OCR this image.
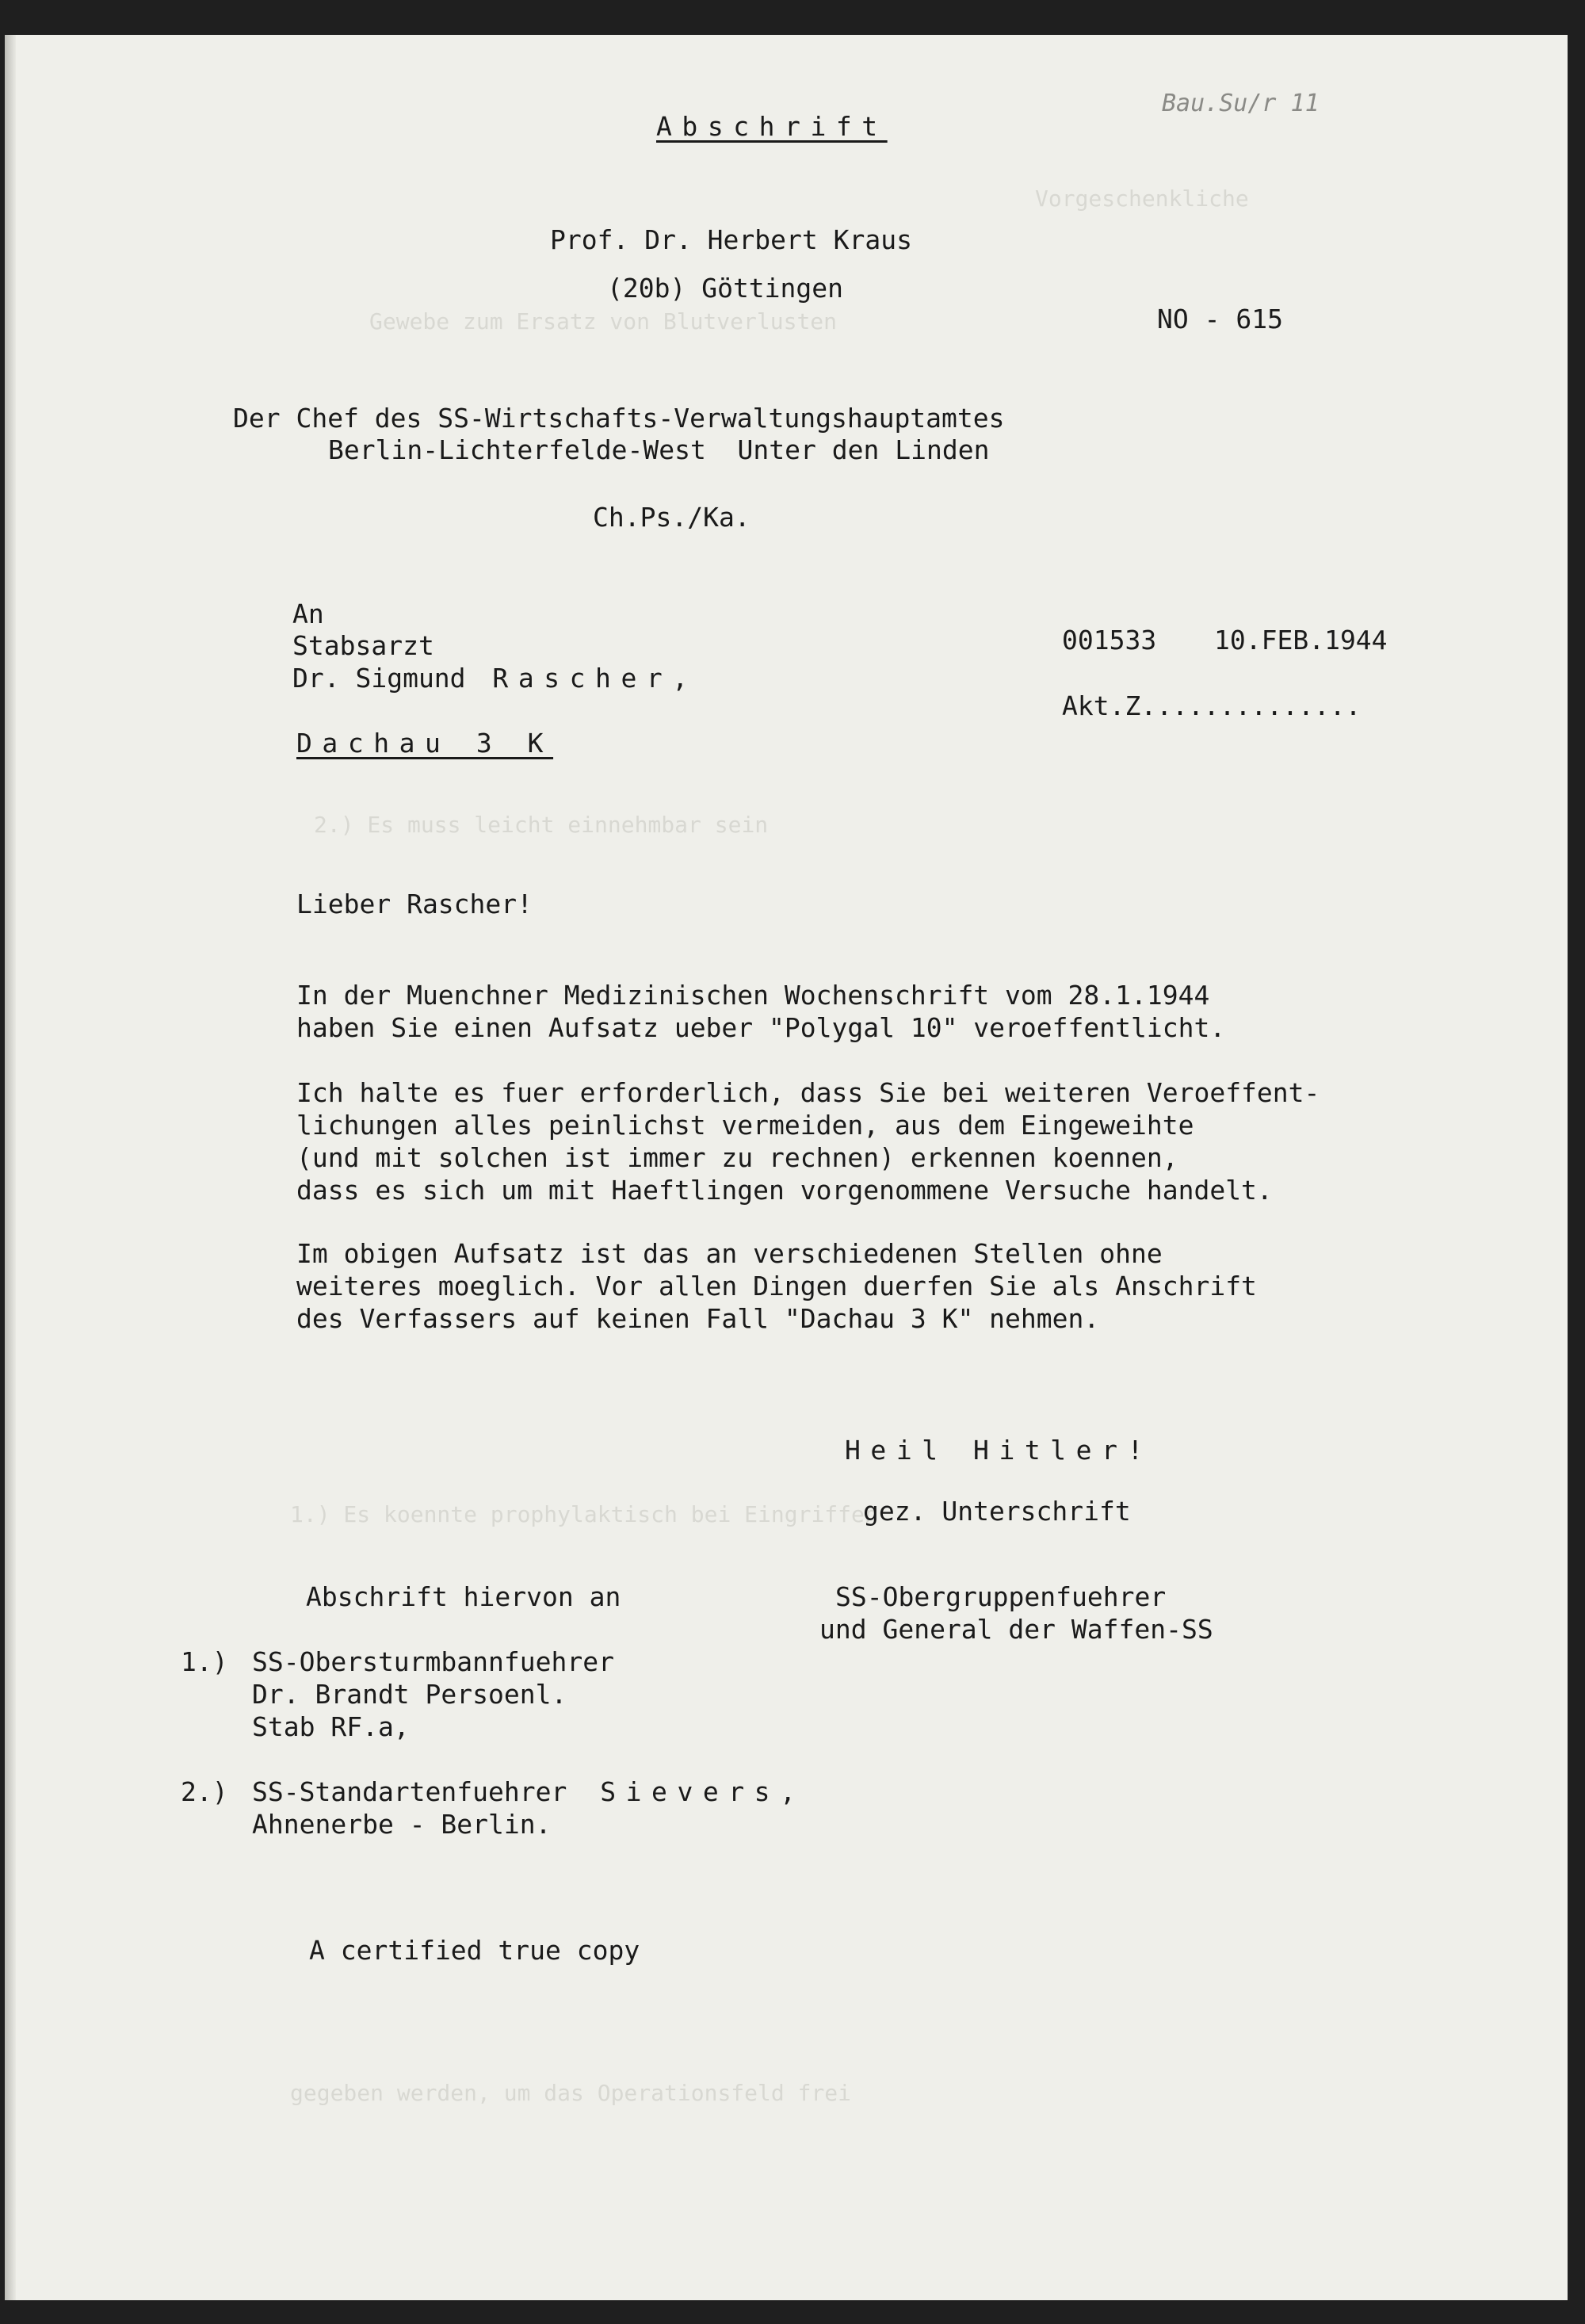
Vorgeschenkliche
Gewebe zum Ersatz von Blutverlusten
2.) Es muss leicht einnehmbar sein
1.) Es koennte prophylaktisch bei Eingriffen
gegeben werden, um das Operationsfeld frei
Bau.Su/r 11
Abschrift
Prof. Dr. Herbert Kraus
(20b) Göttingen
NO - 615
Der Chef des SS-Wirtschafts-Verwaltungshauptamtes
Berlin-Lichterfelde-West  Unter den Linden
Ch.Ps./Ka.
An
Stabsarzt
Dr. Sigmund Rascher,
Dachau 3 K
001533 10.FEB.1944
Akt.Z..............
Lieber Rascher!
In der Muenchner Medizinischen Wochenschrift vom 28.1.1944
haben Sie einen Aufsatz ueber "Polygal 10" veroeffentlicht.
Ich halte es fuer erforderlich, dass Sie bei weiteren Veroeffent-
lichungen alles peinlichst vermeiden, aus dem Eingeweihte
(und mit solchen ist immer zu rechnen) erkennen koennen,
dass es sich um mit Haeftlingen vorgenommene Versuche handelt.
Im obigen Aufsatz ist das an verschiedenen Stellen ohne
weiteres moeglich. Vor allen Dingen duerfen Sie als Anschrift
des Verfassers auf keinen Fall "Dachau 3 K" nehmen.
Heil Hitler!
gez. Unterschrift
Abschrift hiervon an	SS-Obergruppenfuehrer
und General der Waffen-SS
1.) SS-Obersturmbannfuehrer
Dr. Brandt Persoenl.
Stab RF.a,
2.) SS-Standartenfuehrer Sievers,
Ahnenerbe - Berlin.
A certified true copy
